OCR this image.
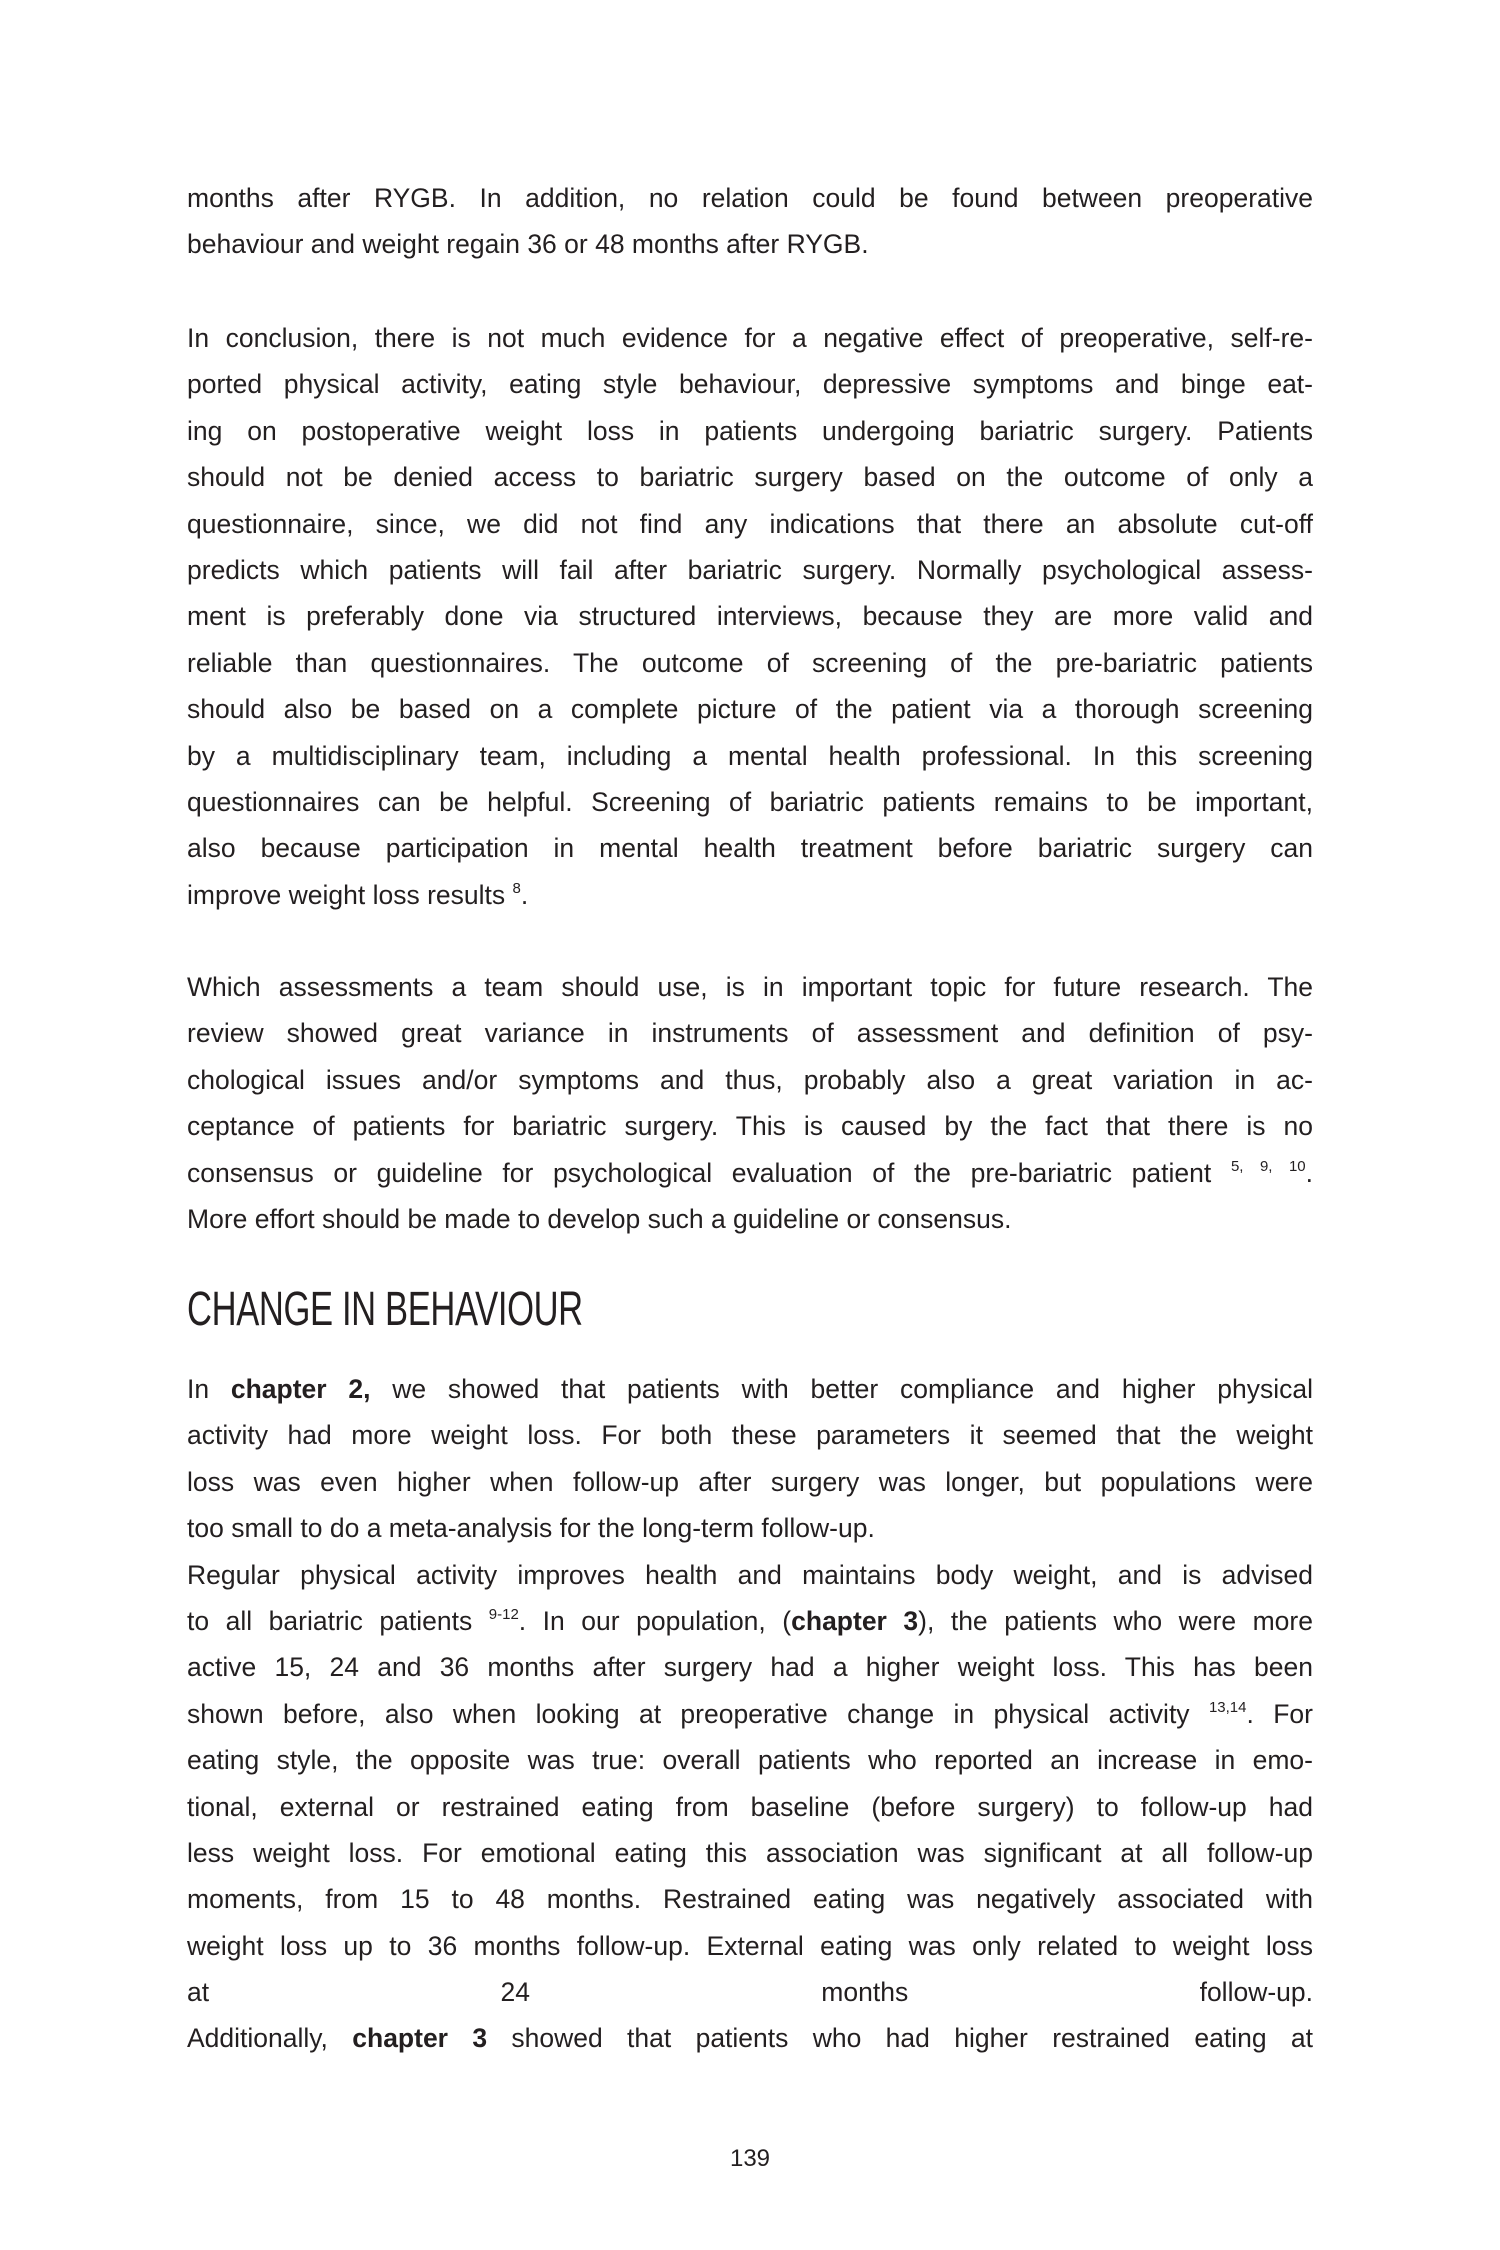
months after RYGB. In addition, no relation could be found between preoperative
behaviour and weight regain 36 or 48 months after RYGB.
In conclusion, there is not much evidence for a negative effect of preoperative, self-re-
ported physical activity, eating style behaviour, depressive symptoms and binge eat-
ing on postoperative weight loss in patients undergoing bariatric surgery. Patients
should not be denied access to bariatric surgery based on the outcome of only a
questionnaire, since, we did not find any indications that there an absolute cut-off
predicts which patients will fail after bariatric surgery. Normally psychological assess-
ment is preferably done via structured interviews, because they are more valid and
reliable than questionnaires. The outcome of screening of the pre-bariatric patients
should also be based on a complete picture of the patient via a thorough screening
by a multidisciplinary team, including a mental health professional. In this screening
questionnaires can be helpful. Screening of bariatric patients remains to be important,
also because participation in mental health treatment before bariatric surgery can
improve weight loss results $^8$.
Which assessments a team should use, is in important topic for future research. The
review showed great variance in instruments of assessment and definition of psy-
chological issues and/or symptoms and thus, probably also a great variation in ac-
ceptance of patients for bariatric surgery. This is caused by the fact that there is no
consensus or guideline for psychological evaluation of the pre-bariatric patient $^{5, 9, 10}$.
More effort should be made to develop such a guideline or consensus.
CHANGE IN BEHAVIOUR
In chapter 2, we showed that patients with better compliance and higher physical
activity had more weight loss. For both these parameters it seemed that the weight
loss was even higher when follow-up after surgery was longer, but populations were
too small to do a meta-analysis for the long-term follow-up.
Regular physical activity improves health and maintains body weight, and is advised
to all bariatric patients $^{9-12}$. In our population, (chapter 3), the patients who were more
active 15, 24 and 36 months after surgery had a higher weight loss. This has been
shown before, also when looking at preoperative change in physical activity $^{13,14}$. For
eating style, the opposite was true: overall patients who reported an increase in emo-
tional, external or restrained eating from baseline (before surgery) to follow-up had
less weight loss. For emotional eating this association was significant at all follow-up
moments, from 15 to 48 months. Restrained eating was negatively associated with
weight loss up to 36 months follow-up. External eating was only related to weight loss
at 24 months follow-up.
Additionally, chapter 3 showed that patients who had higher restrained eating at
139
